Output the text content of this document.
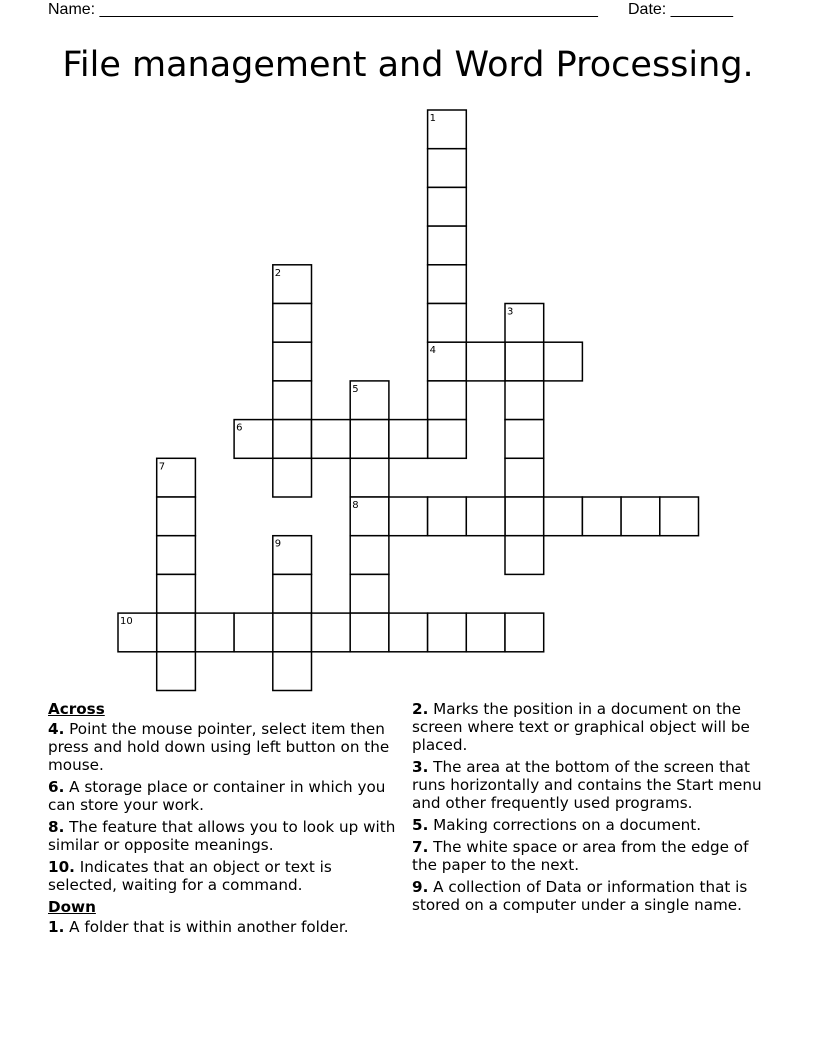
Name: ________________________________________________________ Date: _______
File management and Word Processing.
1
2
3
4
5
6
7
8
9
10
Across
4. Point the mouse pointer, select item then press and hold down using left button on the mouse.
6. A storage place or container in which you can store your work.
8. The feature that allows you to look up with similar or opposite meanings.
10. Indicates that an object or text is selected, waiting for a command.
Down
1. A folder that is within another folder.
2. Marks the position in a document on the screen where text or graphical object will be placed.
3. The area at the bottom of the screen that runs horizontally and contains the Start menu and other frequently used programs.
5. Making corrections on a document.
7. The white space or area from the edge of the paper to the next.
9. A collection of Data or information that is stored on a computer under a single name.
